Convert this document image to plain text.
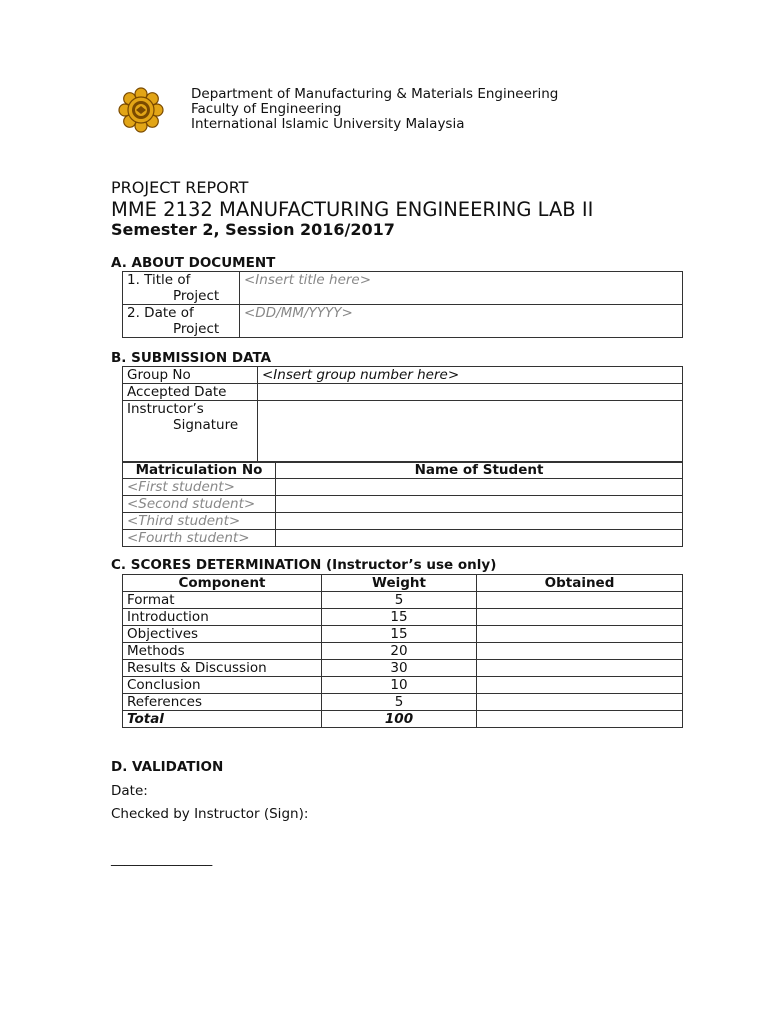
Department of Manufacturing & Materials Engineering
Faculty of Engineering
International Islamic University Malaysia
PROJECT REPORT
MME 2132 MANUFACTURING ENGINEERING LAB II
Semester 2, Session 2016/2017
A. ABOUT DOCUMENT
1. Title of
Project	<Insert title here>

2. Date of
Project	<DD/MM/YYYY>
B. SUBMISSION DATA
Group No	<Insert group number here>
Accepted Date	

Instructor’s
Signature	

Matriculation No	Name of Student
<First student>	
<Second student>	
<Third student>	
<Fourth student>	
C. SCORES DETERMINATION (Instructor’s use only)
Component	Weight	Obtained
Format	5	
Introduction	15	
Objectives	15	
Methods	20	
Results & Discussion	30	
Conclusion	10	
References	5	
Total	100	
D. VALIDATION
Date:
Checked by Instructor (Sign):
_______________
